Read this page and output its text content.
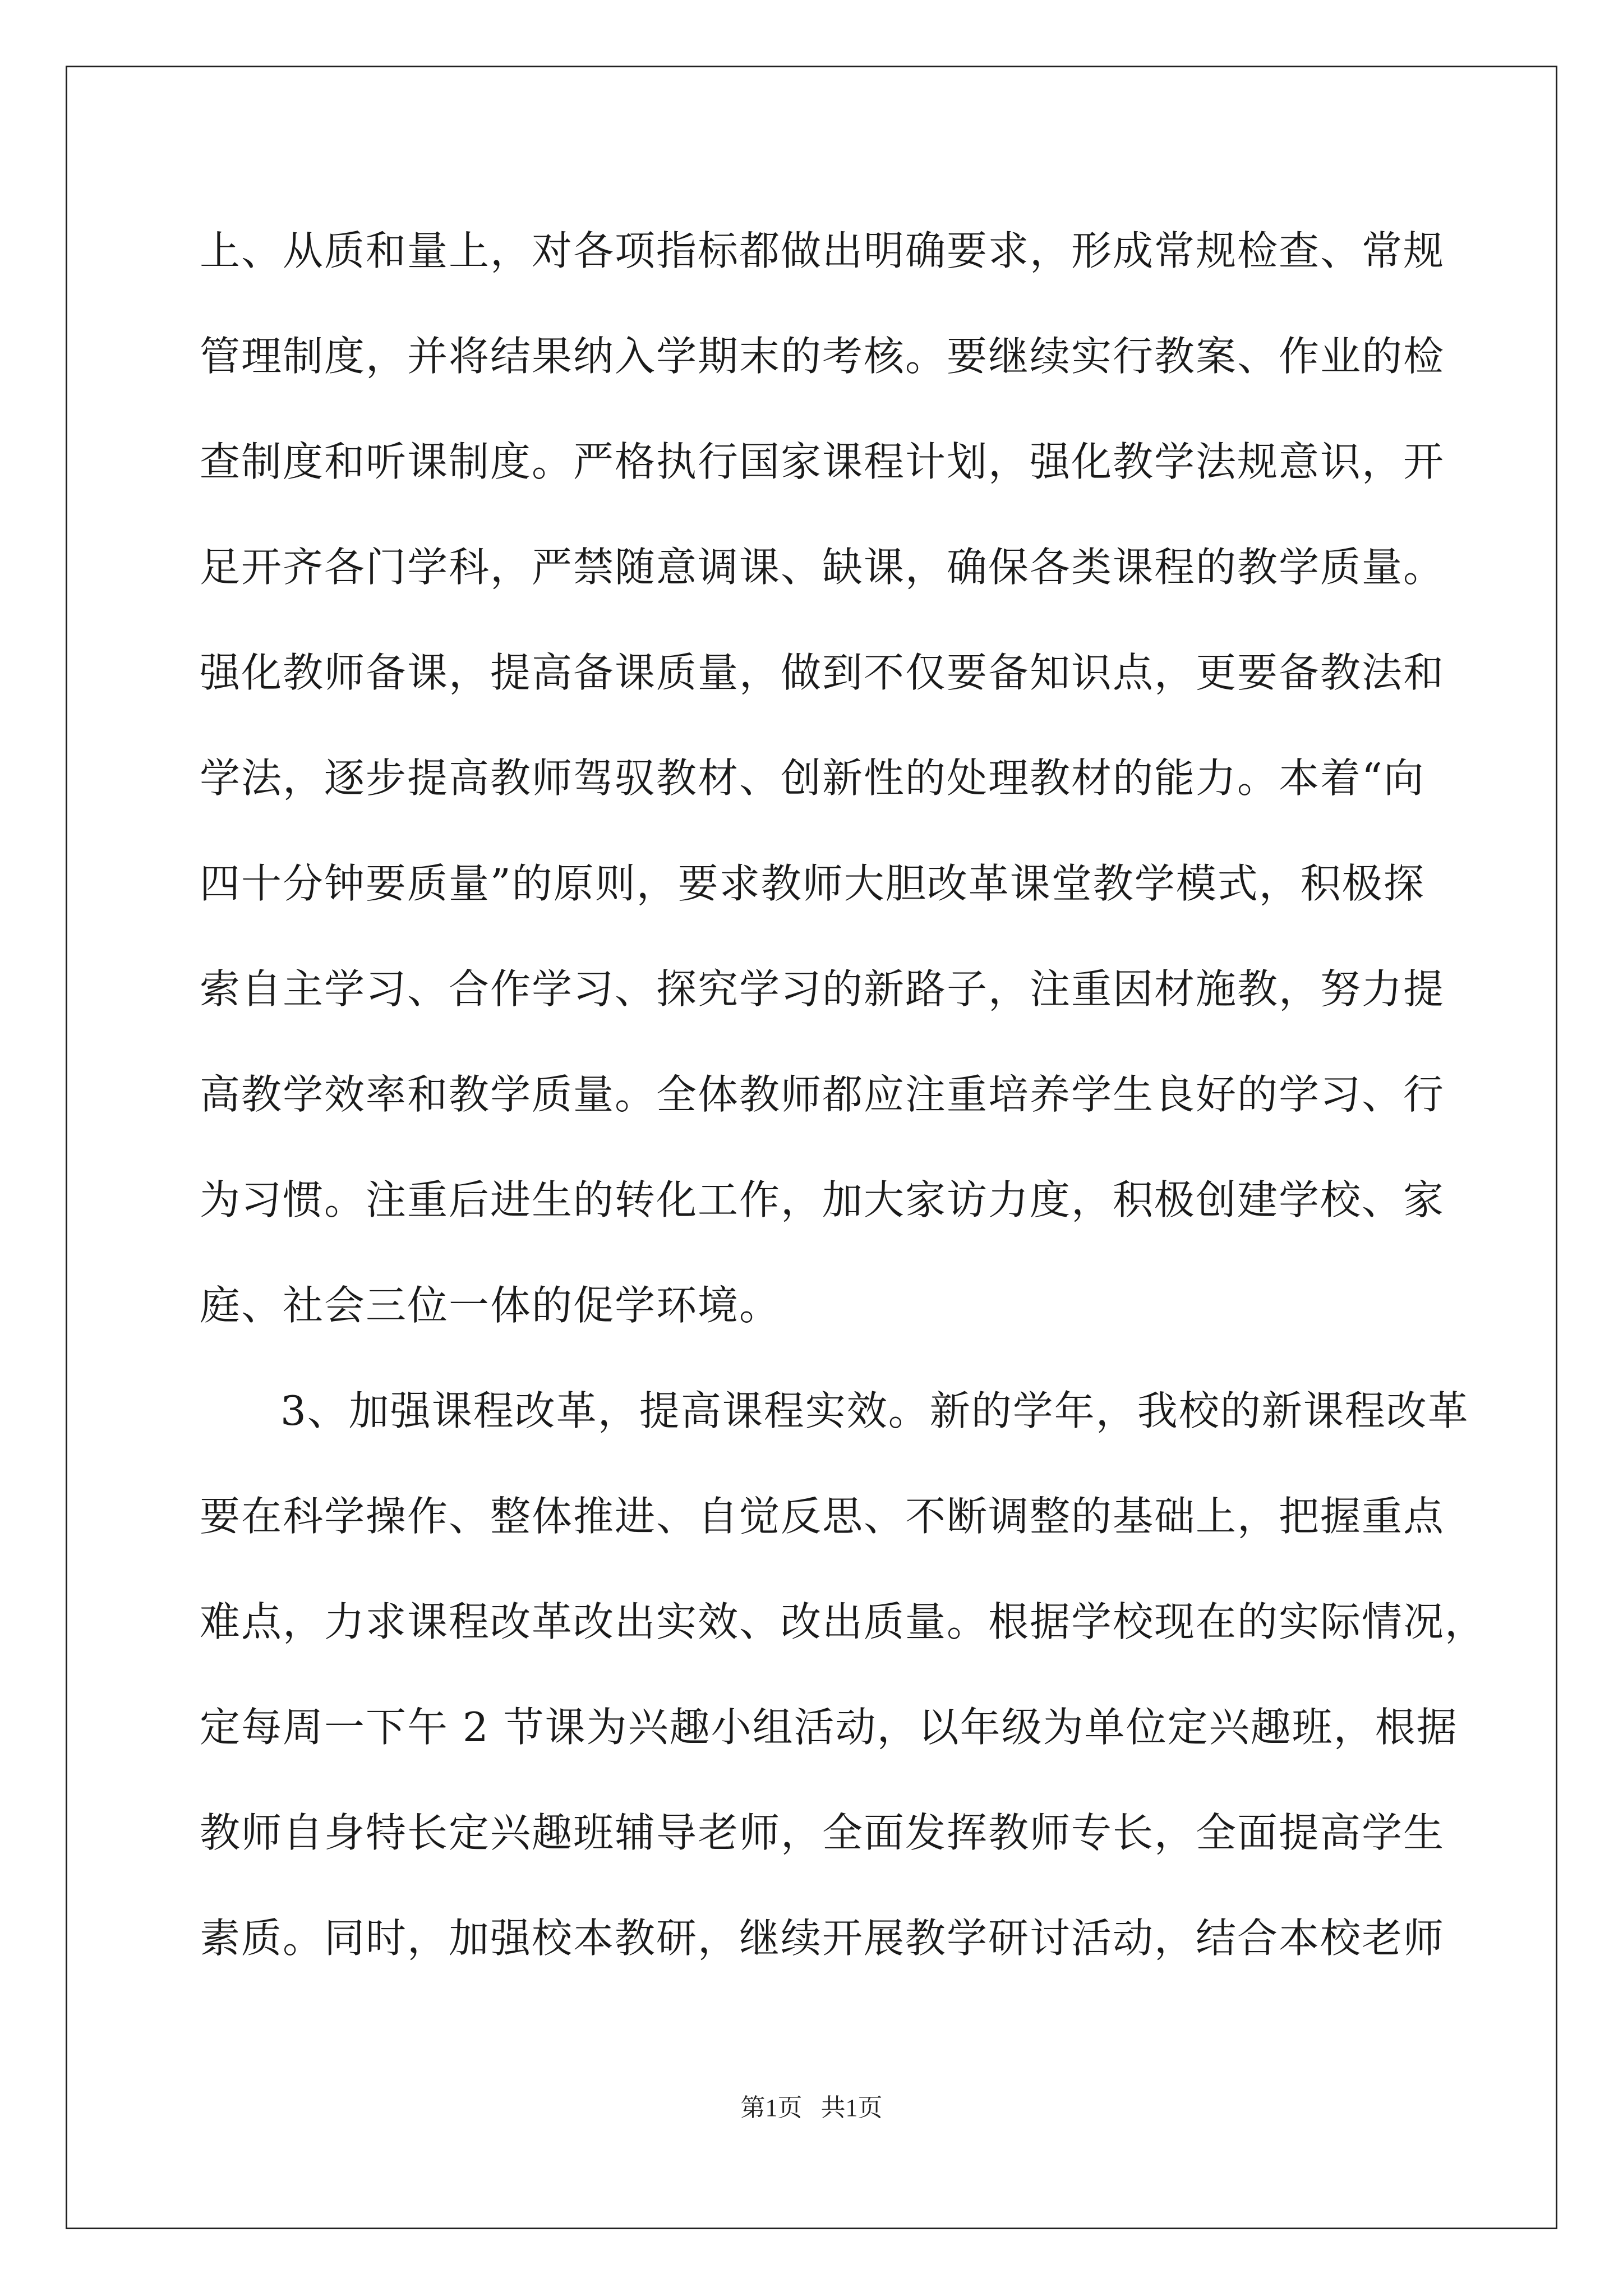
上、从质和量上，对各项指标都做出明确要求，形成常规检查、常规
管理制度，并将结果纳入学期末的考核。要继续实行教案、作业的检
查制度和听课制度。严格执行国家课程计划，强化教学法规意识，开
足开齐各门学科，严禁随意调课、缺课，确保各类课程的教学质量。
强化教师备课，提高备课质量，做到不仅要备知识点，更要备教法和
学法，逐步提高教师驾驭教材、创新性的处理教材的能力。本着“向
四十分钟要质量”的原则，要求教师大胆改革课堂教学模式，积极探
索自主学习、合作学习、探究学习的新路子，注重因材施教，努力提
高教学效率和教学质量。全体教师都应注重培养学生良好的学习、行
为习惯。注重后进生的转化工作，加大家访力度，积极创建学校、家
庭、社会三位一体的促学环境。
3、加强课程改革，提高课程实效。新的学年，我校的新课程改革
要在科学操作、整体推进、自觉反思、不断调整的基础上，把握重点
难点，力求课程改革改出实效、改出质量。根据学校现在的实际情况，
定每周一下午 2 节课为兴趣小组活动，以年级为单位定兴趣班，根据
教师自身特长定兴趣班辅导老师，全面发挥教师专长，全面提高学生
素质。同时，加强校本教研，继续开展教学研讨活动，结合本校老师
第1页   共1页
